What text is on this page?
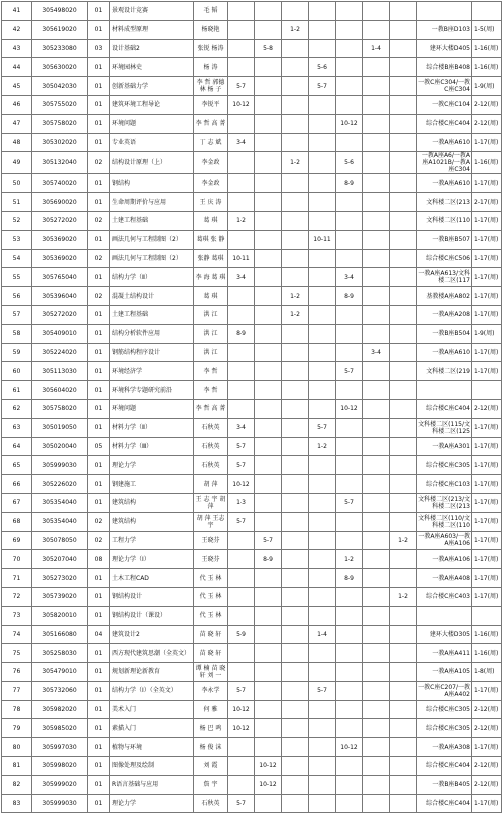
41	305498020	01	景观设计竞赛	毛 韬									
42	305619020	01	材料成型原理	杨晓艳			1-2					一教B座D103	1-5(周)
43	305233080	03	设计基础2	张锐 杨涛		5-8				1-4		建环大楼D405	1-16(周)
44	305630020	01	环境园林史	杨 涛				5-6				综合楼B座B408	1-16(周)
45	305042030	01	创新基础力学	李 哲 郭德林 杨 子	5-7			5-7				一教C座C304/一教C座C304	1-9(周)
46	305755020	01	建筑环境工程导论	李锐平	10-12							一教C座C104	2-12(周)
47	305758020	01	环境问题	李 哲 高 菁					10-12			综合楼C座C404	2-12(周)
48	305302020	01	专业英语	丁 志 斌	3-4							一教A座A610	1-17(周)
49	305132040	02	结构设计原理（上）	李金政			1-2		5-6			一教A座A6/一教A座A1021B/一教A座C304	1-16(周)
50	305740020	01	钢结构	李金政					8-9			一教A座A610	1-17(周)
51	305690020	01	生命周期评价与应用	王 庆 涛								文科楼二区(213	2-17(周)
52	305272020	02	土建工程基础	葛 琪	1-2							文科楼二区(110	1-17(周)
53	305369020	01	画法几何与工程制图（2）	葛琪 张 静				10-11				一教B座B507	1-17(周)
54	305369020	02	画法几何与工程制图（2）	张静 葛琪	10-11							综合楼C座C506	1-17(周)
55	305765040	01	结构力学（Ⅱ）	李 海 葛 琪	3-4				3-4			一教A座A613/文科楼二区(117	1-17(周)
56	305396040	02	混凝土结构设计	葛 琪			1-2		8-9			基教楼A座A802	1-17(周)
57	305272020	01	土建工程基础	洪 江			1-2					一教A座A208	1-17(周)
58	305409010	01	结构分析软件应用	洪 江	8-9							一教B座B504	1-9(周)
59	305224020	01	钢筋结构程序设计	洪 江						3-4		一教A座A610	1-17(周)
60	305113030	01	环境经济学	李 哲					5-7			文科楼二区(219	1-17(周)
61	305604020	01	环境科学专题研究前沿	李 哲									
62	305758020	01	环境问题	李 哲 高 菁					10-12			综合楼C座C404	2-12(周)
63	305019050	01	材料力学（Ⅱ）	石秋英	3-4			5-7				文科楼二区(115/文科楼二区(125	1-17(周)
64	305020040	05	材料力学（Ⅲ）	石秋英	5-7			1-2				一教A座A301	1-17(周)
65	305999030	01	理论力学	石秋英	5-7							综合楼C座C305	1-17(周)
66	305226020	01	钢建施工	胡 萍	10-12							综合楼C座C103	1-17(周)
67	305354040	01	建筑结构	王 志 宇 胡 萍	1-3				5-7			文科楼二区(213/文科楼二区(213	1-17(周)
68	305354040	02	建筑结构	胡 萍 王志宇	5-7							文科楼二区(110/文科楼二区(110	1-17(周)
69	305078050	02	工程力学	王晓芬		5-7					1-2	一教A座A603/一教A座A106	1-17(周)
70	305207040	08	理论力学（Ⅰ）	王晓芬		8-9			1-2			一教A座A106	1-17(周)
71	305273020	01	土木工程CAD	代 玉 林					8-9			一教A座A408	1-17(周)
72	305739020	01	钢结构设计	代 玉 林							1-2	综合楼C座C403	1-17(周)
73	305820010	01	钢结构设计（课设）	代 玉 林									
74	305166080	04	建筑设计2	苗 晓 轩	5-9			1-4				建环大楼D305	1-16(周)
75	305258030	01	西方现代建筑思潮（全英文）	苗 晓 轩								一教A座A411	1-16(周)
76	305479010	01	规划新理论新教育	谭 楠 苗 晓 轩 刘 一								一教A座A105	1-8(周)
77	305732060	01	结构力学（Ⅰ）（全英文）	李永学	5-7			5-7				一教C座C207/一教A座A402	1-17(周)
78	305982020	01	美术入门	何 雅	10-12							综合楼C座C305	2-12(周)
79	305985020	01	素描入门	杨 巴 鸣	10-12							综合楼C座C305	2-12(周)
80	305997030	01	植物与环境	杨 俊 沫					10-12			一教A座A308	1-17(周)
81	305998020	01	图像处理及绘制	刘 霞		10-12						综合楼C座C404	2-12(周)
82	305999020	01	R语言基础与应用	詹 宇		10-12						一教B座B405	2-12(周)
83	305999030	01	理论力学	石秋英	5-7							综合楼C座C404	1-17(周)
